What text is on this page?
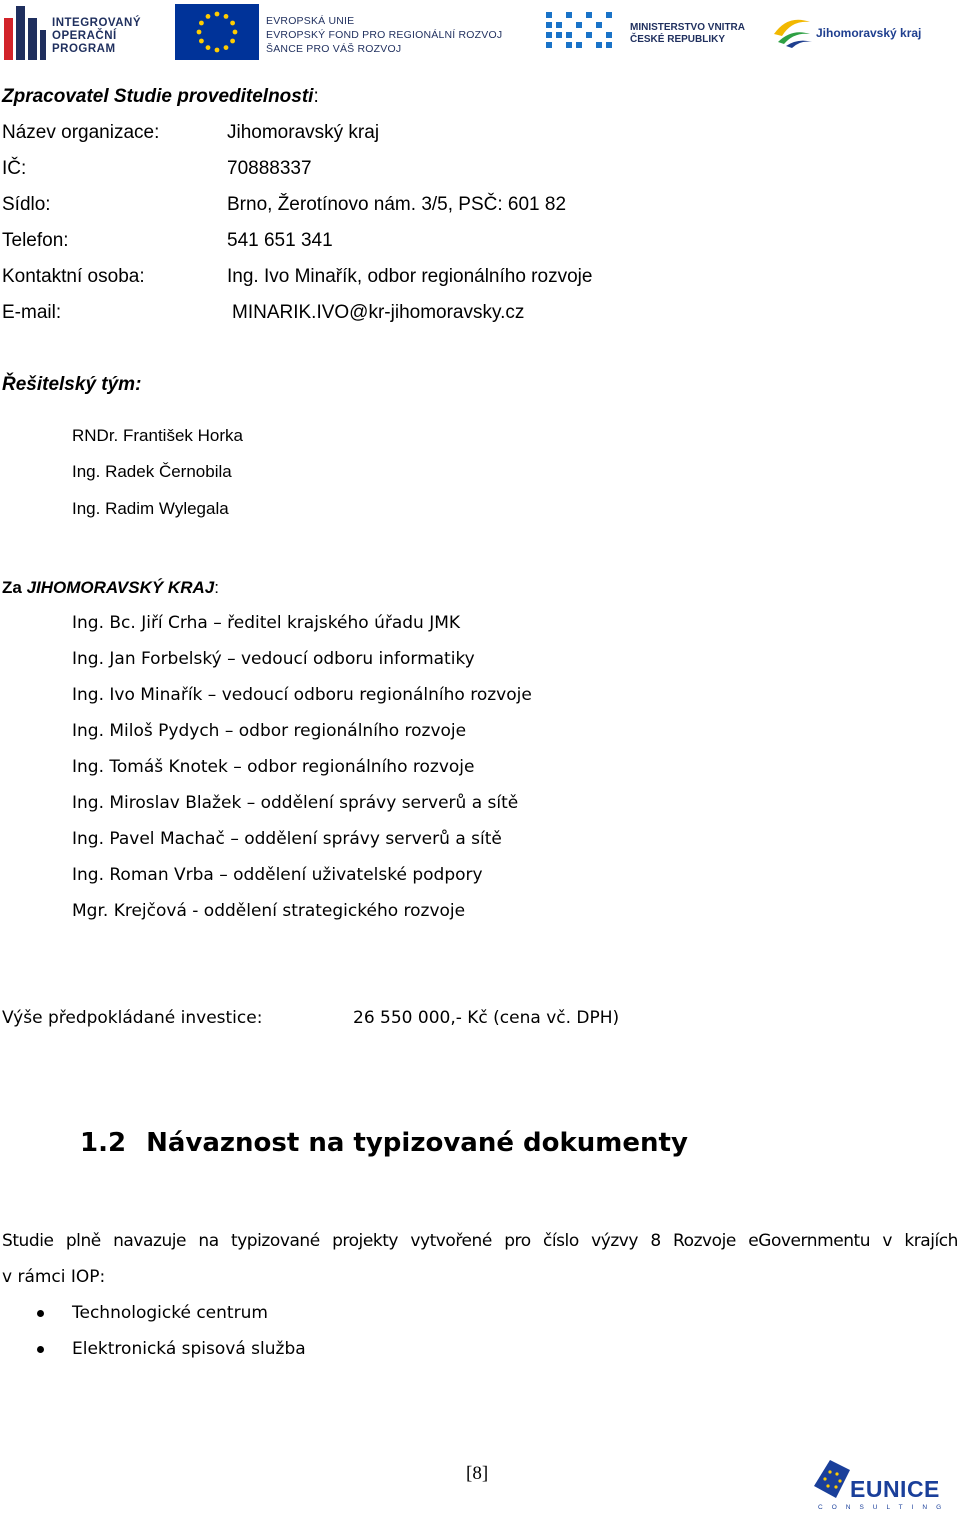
INTEGROVANÝ
OPERAČNÍ
PROGRAM
EVROPSKÁ UNIE
EVROPSKÝ FOND PRO REGIONÁLNÍ ROZVOJ
ŠANCE PRO VÁŠ ROZVOJ
MINISTERSTVO VNITRA
ČESKÉ REPUBLIKY	Jihomoravský kraj
Zpracovatel Studie proveditelnosti:
Název organizace:	Jihomoravský kraj
IČ:	70888337
Sídlo:	Brno, Žerotínovo nám. 3/5, PSČ: 601 82
Telefon:	541 651 341
Kontaktní osoba:	Ing. Ivo Minařík, odbor regionálního rozvoje
E-mail:	MINARIK.IVO@kr-jihomoravsky.cz
Řešitelský tým:
RNDr. František Horka
Ing. Radek Černobila
Ing. Radim Wylegala
Za JIHOMORAVSKÝ KRAJ:
Ing. Bc. Jiří Crha – ředitel krajského úřadu JMK
Ing. Jan Forbelský – vedoucí odboru informatiky
Ing. Ivo Minařík – vedoucí odboru regionálního rozvoje
Ing. Miloš Pydych – odbor regionálního rozvoje
Ing. Tomáš Knotek – odbor regionálního rozvoje
Ing. Miroslav Blažek – oddělení správy serverů a sítě
Ing. Pavel Machač – oddělení správy serverů a sítě
Ing. Roman Vrba – oddělení uživatelské podpory
Mgr. Krejčová - oddělení strategického rozvoje
Výše předpokládané investice:	26 550 000,- Kč (cena vč. DPH)
1.2 Návaznost na typizované dokumenty
Studie plně navazuje na typizované projekty vytvořené pro číslo výzvy 8 Rozvoje eGovernmentu v krajích
v rámci IOP:
Technologické centrum
Elektronická spisová služba
[8]
EUNICE
CONSULTING
